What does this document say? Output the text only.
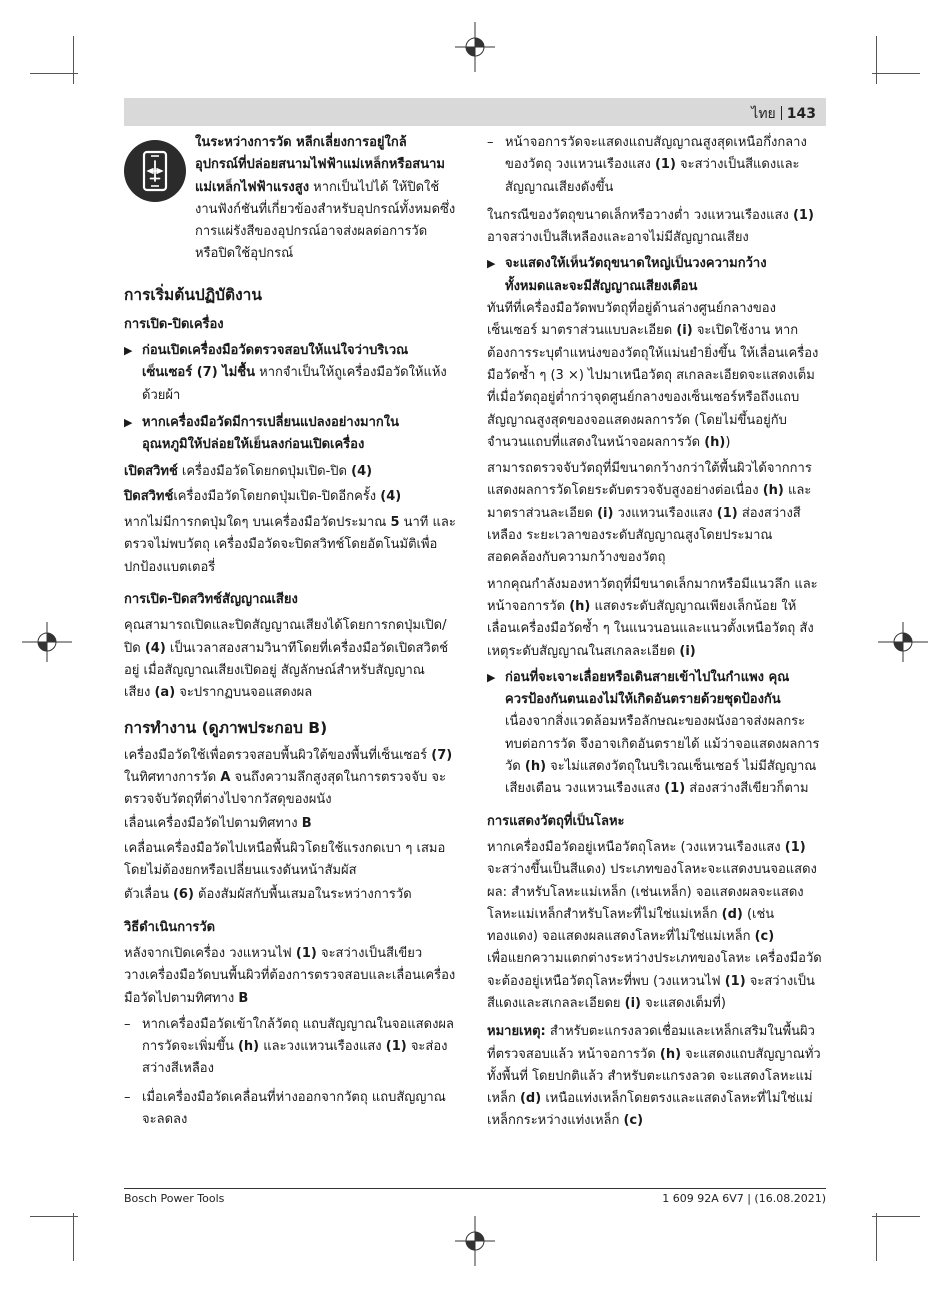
ไทย 143

ในระหว่างการวัด หลีกเลี่ยงการอยู่ใกล้

อุปกรณ์ที่ปล่อยสนามไฟฟ้าแม่เหล็กหรือสนาม

แม่เหล็กไฟฟ้าแรงสูง หากเป็นไปได้ ให้ปิดใช้

งานฟังก์ชันที่เกี่ยวข้องสำหรับอุปกรณ์ทั้งหมดซึ่ง

การแผ่รังสีของอุปกรณ์อาจส่งผลต่อการวัด

หรือปิดใช้อุปกรณ์

การเริ่มต้นปฏิบัติงาน

การเปิด-ปิดเครื่อง

▶ ก่อนเปิดเครื่องมือวัดตรวจสอบให้แน่ใจว่าบริเวณ

เซ็นเซอร์ (7) ไม่ชื้น หากจำเป็นให้ถูเครื่องมือวัดให้แห้ง

ด้วยผ้า

▶ หากเครื่องมือวัดมีการเปลี่ยนแปลงอย่างมากใน

อุณหภูมิให้ปล่อยให้เย็นลงก่อนเปิดเครื่อง

เปิดสวิทช์ เครื่องมือวัดโดยกดปุ่มเปิด-ปิด (4)

ปิดสวิทช์เครื่องมือวัดโดยกดปุ่มเปิด-ปิดอีกครั้ง (4)

หากไม่มีการกดปุ่มใดๆ บนเครื่องมือวัดประมาณ 5 นาที และ

ตรวจไม่พบวัตถุ เครื่องมือวัดจะปิดสวิทช์โดยอัตโนมัติเพื่อ

ปกป้องแบตเตอรี่

การเปิด-ปิดสวิทช์สัญญาณเสียง

คุณสามารถเปิดและปิดสัญญาณเสียงได้โดยการกดปุ่มเปิด/

ปิด (4) เป็นเวลาสองสามวินาทีโดยที่เครื่องมือวัดเปิดสวิตช์

อยู่ เมื่อสัญญาณเสียงเปิดอยู่ สัญลักษณ์สำหรับสัญญาณ

เสียง (a) จะปรากฏบนจอแสดงผล

การทำงาน (ดูภาพประกอบ B)

เครื่องมือวัดใช้เพื่อตรวจสอบพื้นผิวใต้ของพื้นที่เซ็นเซอร์ (7)

ในทิศทางการวัด A จนถึงความลึกสูงสุดในการตรวจจับ จะ

ตรวจจับวัตถุที่ต่างไปจากวัสดุของผนัง

เลื่อนเครื่องมือวัดไปตามทิศทาง B

เคลื่อนเครื่องมือวัดไปเหนือพื้นผิวโดยใช้แรงกดเบา ๆ เสมอ

โดยไม่ต้องยกหรือเปลี่ยนแรงดันหน้าสัมผัส

ตัวเลื่อน (6) ต้องสัมผัสกับพื้นเสมอในระหว่างการวัด

วิธีดำเนินการวัด

หลังจากเปิดเครื่อง วงแหวนไฟ (1) จะสว่างเป็นสีเขียว

วางเครื่องมือวัดบนพื้นผิวที่ต้องการตรวจสอบและเลื่อนเครื่อง

มือวัดไปตามทิศทาง B

– หากเครื่องมือวัดเข้าใกล้วัตถุ แถบสัญญาณในจอแสดงผล

การวัดจะเพิ่มขึ้น (h) และวงแหวนเรืองแสง (1) จะส่อง

สว่างสีเหลือง

– เมื่อเครื่องมือวัดเคลื่อนที่ห่างออกจากวัตถุ แถบสัญญาณ

จะลดลง

– หน้าจอการวัดจะแสดงแถบสัญญาณสูงสุดเหนือกึ่งกลาง

ของวัตถุ วงแหวนเรืองแสง (1) จะสว่างเป็นสีแดงและ

สัญญาณเสียงดังขึ้น

ในกรณีของวัตถุขนาดเล็กหรือวางต่ำ วงแหวนเรืองแสง (1)

อาจสว่างเป็นสีเหลืองและอาจไม่มีสัญญาณเสียง

▶ จะแสดงให้เห็นวัตถุขนาดใหญ่เป็นวงความกว้าง

ทั้งหมดและจะมีสัญญาณเสียงเตือน

ทันทีที่เครื่องมือวัดพบวัตถุที่อยู่ด้านล่างศูนย์กลางของ

เซ็นเซอร์ มาตราส่วนแบบละเอียด (i) จะเปิดใช้งาน หาก

ต้องการระบุตำแหน่งของวัตถุให้แม่นยำยิ่งขึ้น ให้เลื่อนเครื่อง

มือวัดซ้ำ ๆ (3 ×) ไปมาเหนือวัตถุ สเกลละเอียดจะแสดงเต็ม

ที่เมื่อวัตถุอยู่ต่ำกว่าจุดศูนย์กลางของเซ็นเซอร์หรือถึงแถบ

สัญญาณสูงสุดของจอแสดงผลการวัด (โดยไม่ขึ้นอยู่กับ

จำนวนแถบที่แสดงในหน้าจอผลการวัด (h))

สามารถตรวจจับวัตถุที่มีขนาดกว้างกว่าใต้พื้นผิวได้จากการ

แสดงผลการวัดโดยระดับตรวจจับสูงอย่างต่อเนื่อง (h) และ

มาตราส่วนละเอียด (i) วงแหวนเรืองแสง (1) ส่องสว่างสี

เหลือง ระยะเวลาของระดับสัญญาณสูงโดยประมาณ

สอดคล้องกับความกว้างของวัตถุ

หากคุณกำลังมองหาวัตถุที่มีขนาดเล็กมากหรือมีแนวลึก และ

หน้าจอการวัด (h) แสดงระดับสัญญาณเพียงเล็กน้อย ให้

เลื่อนเครื่องมือวัดซ้ำ ๆ ในแนวนอนและแนวตั้งเหนือวัตถุ สัง

เหตุระดับสัญญาณในสเกลละเอียด (i)

▶ ก่อนที่จะเจาะเลื่อยหรือเดินสายเข้าไปในกำแพง คุณ

ควรป้องกันตนเองไม่ให้เกิดอันตรายด้วยชุดป้องกัน

เนื่องจากสิ่งแวดล้อมหรือลักษณะของผนังอาจส่งผลกระ

ทบต่อการวัด จึงอาจเกิดอันตรายได้ แม้ว่าจอแสดงผลการ

วัด (h) จะไม่แสดงวัตถุในบริเวณเซ็นเซอร์ ไม่มีสัญญาณ

เสียงเตือน วงแหวนเรืองแสง (1) ส่องสว่างสีเขียวก็ตาม

การแสดงวัตถุที่เป็นโลหะ

หากเครื่องมือวัดอยู่เหนือวัตถุโลหะ (วงแหวนเรืองแสง (1)

จะสว่างขึ้นเป็นสีแดง) ประเภทของโลหะจะแสดงบนจอแสดง

ผล: สำหรับโลหะแม่เหล็ก (เช่นเหล็ก) จอแสดงผลจะแสดง

โลหะแม่เหล็กสำหรับโลหะที่ไม่ใช่แม่เหล็ก (d) (เช่น

ทองแดง) จอแสดงผลแสดงโลหะที่ไม่ใช่แม่เหล็ก (c)

เพื่อแยกความแตกต่างระหว่างประเภทของโลหะ เครื่องมือวัด

จะต้องอยู่เหนือวัตถุโลหะที่พบ (วงแหวนไฟ (1) จะสว่างเป็น

สีแดงและสเกลละเอียดย (i) จะแสดงเต็มที่)

หมายเหตุ: สำหรับตะแกรงลวดเชื่อมและเหล็กเสริมในพื้นผิว

ที่ตรวจสอบแล้ว หน้าจอการวัด (h) จะแสดงแถบสัญญาณทั่ว

ทั้งพื้นที่ โดยปกติแล้ว สำหรับตะแกรงลวด จะแสดงโลหะแม่

เหล็ก (d) เหนือแท่งเหล็กโดยตรงและแสดงโลหะที่ไม่ใช่แม่

เหล็กกระหว่างแท่งเหล็ก (c)

Bosch Power Tools	1 609 92A 6V7 | (16.08.2021)
